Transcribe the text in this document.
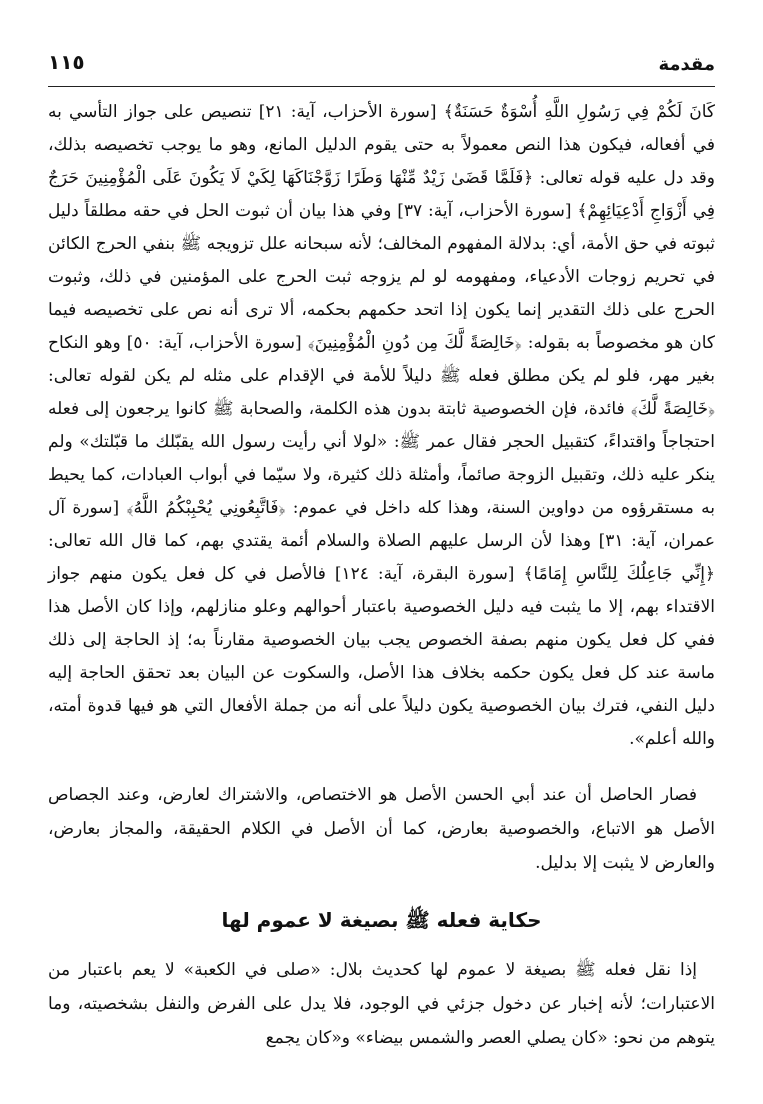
مقدمة
١١٥

كَانَ لَكُمْ فِي رَسُولِ اللَّهِ أُسْوَةٌ حَسَنَةٌ﴾ [سورة الأحزاب، آية: ٢١] تنصيص على جواز التأسي به في أفعاله، فيكون هذا النص معمولاً به حتى يقوم الدليل المانع، وهو ما يوجب تخصيصه بذلك، وقد دل عليه قوله تعالى: ﴿فَلَمَّا قَضَىٰ زَيْدٌ مِّنْهَا وَطَرًا زَوَّجْنَاكَهَا لِكَيْ لَا يَكُونَ عَلَى الْمُؤْمِنِينَ حَرَجٌ فِي أَزْوَاجِ أَدْعِيَائِهِمْ﴾ [سورة الأحزاب، آية: ٣٧] وفي هذا بيان أن ثبوت الحل في حقه مطلقاً دليل ثبوته في حق الأمة، أي: بدلالة المفهوم المخالف؛ لأنه سبحانه علل تزويجه ﷺ بنفي الحرج الكائن في تحريم زوجات الأدعياء، ومفهومه لو لم يزوجه ثبت الحرج على المؤمنين في ذلك، وثبوت الحرج على ذلك التقدير إنما يكون إذا اتحد حكمهم بحكمه، ألا ترى أنه نص على تخصيصه فيما كان هو مخصوصاً به بقوله: ﴿خَالِصَةً لَّكَ مِن دُونِ الْمُؤْمِنِينَ﴾ [سورة الأحزاب، آية: ٥٠] وهو النكاح بغير مهر، فلو لم يكن مطلق فعله ﷺ دليلاً للأمة في الإقدام على مثله لم يكن لقوله تعالى: ﴿خَالِصَةً لَّكَ﴾ فائدة، فإن الخصوصية ثابتة بدون هذه الكلمة، والصحابة ﷺ كانوا يرجعون إلى فعله احتجاجاً واقتداءً، كتقبيل الحجر فقال عمر ﷺ: «لولا أني رأيت رسول الله يقبّلك ما قبّلتك» ولم ينكر عليه ذلك، وتقبيل الزوجة صائماً، وأمثلة ذلك كثيرة، ولا سيّما في أبواب العبادات، كما يحيط به مستقرؤوه من دواوين السنة، وهذا كله داخل في عموم: ﴿فَاتَّبِعُونِي يُحْبِبْكُمُ اللَّهُ﴾ [سورة آل عمران، آية: ٣١] وهذا لأن الرسل عليهم الصلاة والسلام أئمة يقتدي بهم، كما قال الله تعالى: ﴿إِنِّي جَاعِلُكَ لِلنَّاسِ إِمَامًا﴾ [سورة البقرة، آية: ١٢٤] فالأصل في كل فعل يكون منهم جواز الاقتداء بهم، إلا ما يثبت فيه دليل الخصوصية باعتبار أحوالهم وعلو منازلهم، وإذا كان الأصل هذا ففي كل فعل يكون منهم بصفة الخصوص يجب بيان الخصوصية مقارناً به؛ إذ الحاجة إلى ذلك ماسة عند كل فعل يكون حكمه بخلاف هذا الأصل، والسكوت عن البيان بعد تحقق الحاجة إليه دليل النفي، فترك بيان الخصوصية يكون دليلاً على أنه من جملة الأفعال التي هو فيها قدوة أمته، والله أعلم».

فصار الحاصل أن عند أبي الحسن الأصل هو الاختصاص، والاشتراك لعارض، وعند الجصاص الأصل هو الاتباع، والخصوصية بعارض، كما أن الأصل في الكلام الحقيقة، والمجاز بعارض، والعارض لا يثبت إلا بدليل.

حكاية فعله ﷺ بصيغة لا عموم لها

إذا نقل فعله ﷺ بصيغة لا عموم لها كحديث بلال: «صلى في الكعبة» لا يعم باعتبار من الاعتبارات؛ لأنه إخبار عن دخول جزئي في الوجود، فلا يدل على الفرض والنفل بشخصيته، وما يتوهم من نحو: «كان يصلي العصر والشمس بيضاء» و«كان يجمع
